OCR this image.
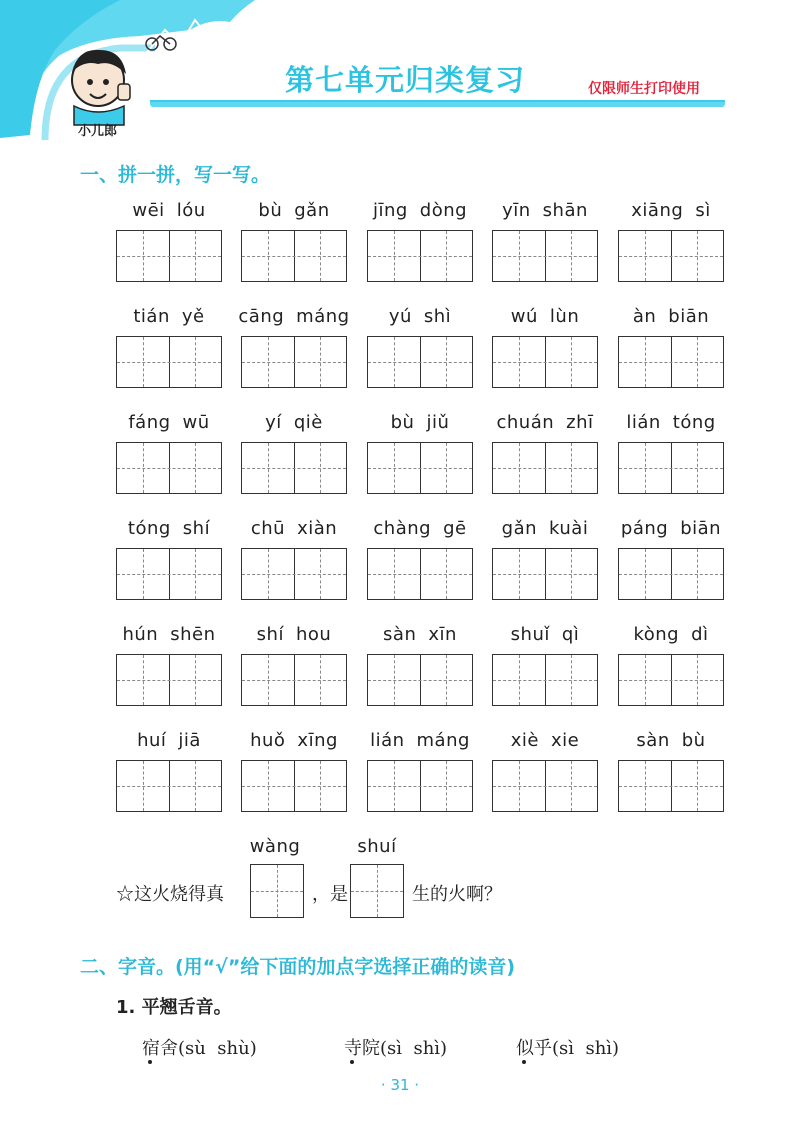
第七单元归类复习	仅限师生打印使用
小儿郎
一、拼一拼，写一写。
wēi lóu	bù gǎn	jīng dòng	yīn shān	xiāng sì
tián yě	cāng máng	yú shì	wú lùn	àn biān
fáng wū	yí qiè	bù jiǔ	chuán zhī	lián tóng
tóng shí	chū xiàn	chàng gē	gǎn kuài	páng biān
hún shēn	shí hou	sàn xīn	shuǐ qì	kòng dì
huí jiā	huǒ xīng	lián máng	xiè xie	sàn bù
wàng	shuí
☆这火烧得真	，是	生的火啊？
二、字音。(用“√”给下面的加点字选择正确的读音)
1. 平翘舌音。
宿舍(sù  shù)	寺院(sì  shì)	似乎(sì  shì)
· 31 ·
